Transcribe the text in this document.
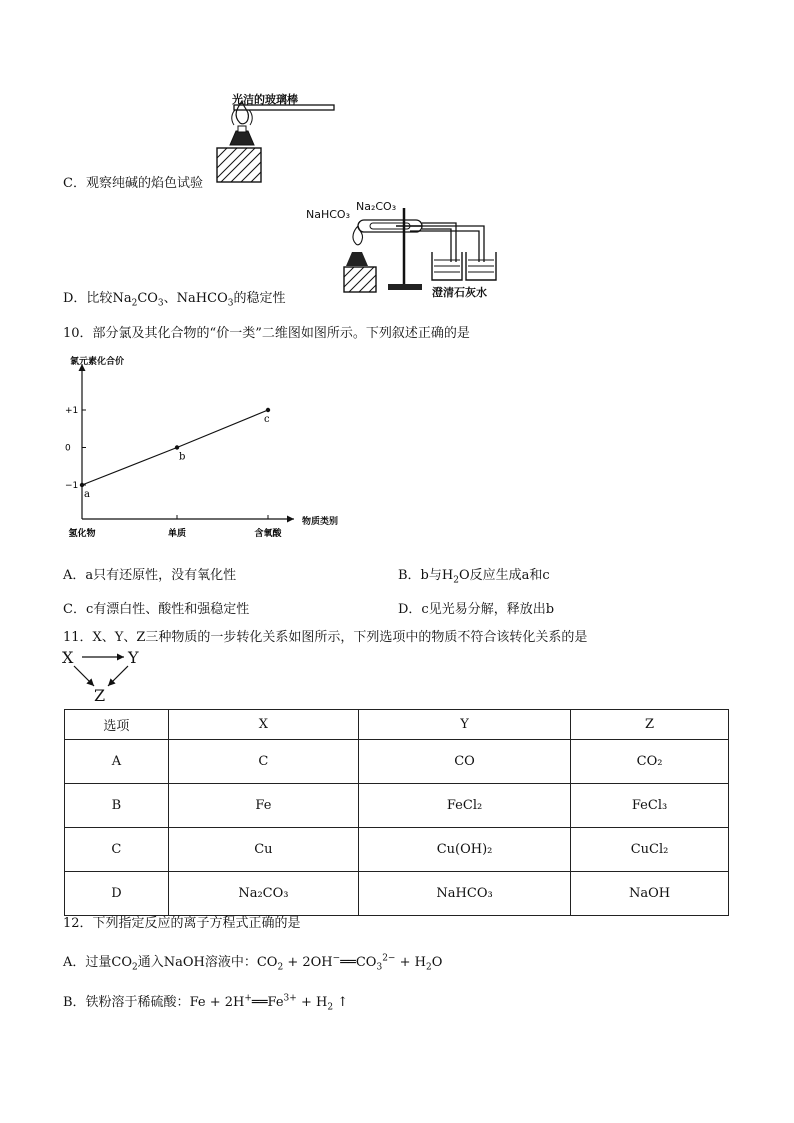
光洁的玻璃棒
C．观察纯碱的焰色试验
NaHCO₃
Na₂CO₃
澄清石灰水
D．比较$Na_2CO_3$、NaHCO$_3$的稳定性
10．部分氯及其化合物的“价一类”二维图如图所示。下列叙述正确的是
+1
0
−1
氢化物	单质	含氧酸
a
b
c
氯元素化合价
物质类别
A．a只有还原性，没有氧化性	B．b与$H_2O$反应生成a和c
C．c有漂白性、酸性和强稳定性	D．c见光易分解，释放出b
11．X、Y、Z三种物质的一步转化关系如图所示，下列选项中的物质不符合该转化关系的是
X	Y
Z
选项	X	Y	Z
A	C	CO	CO₂
B	Fe	FeCl₂	FeCl₃
C	Cu	Cu(OH)₂	CuCl₂
D	Na₂CO₃	NaHCO₃	NaOH
12．下列指定反应的离子方程式正确的是
A．过量$CO_2$通入NaOH溶液中：$CO_2$ + $2OH^-══CO_3^{2-} + H_2O$
B．铁粉溶于稀硫酸：$Fe + 2H^+══Fe^{3+} + H_2$ ↑
